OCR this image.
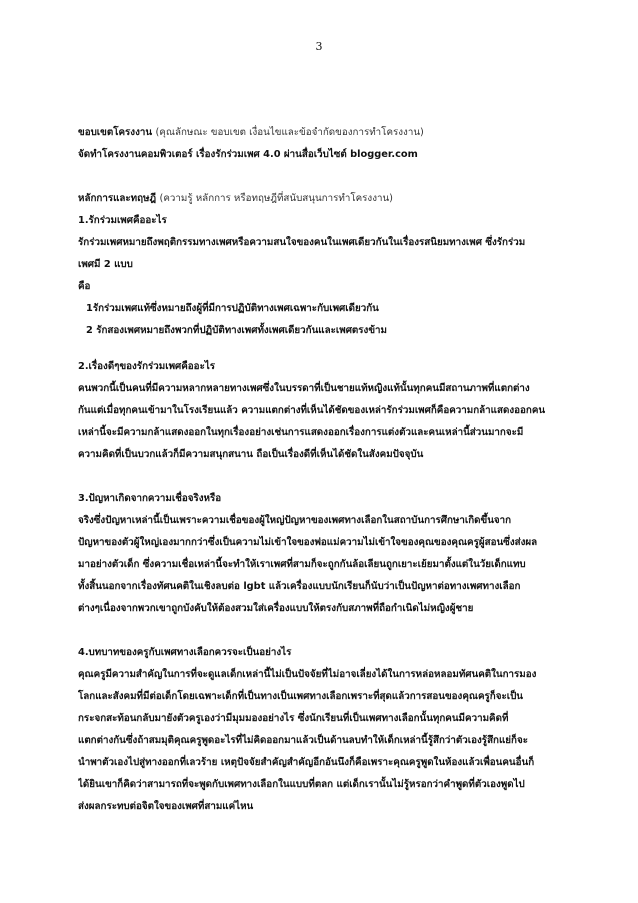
3
ขอบเขตโครงงาน (คุณลักษณะ ขอบเขต เงื่อนไขและข้อจำกัดของการทำโครงงาน)
จัดทำโครงงานคอมพิวเตอร์ เรื่องรักร่วมเพศ 4.0 ผ่านสื่อเว็บไซต์ blogger.com
หลักการและทฤษฎี (ความรู้ หลักการ หรือทฤษฎีที่สนับสนุนการทำโครงงาน)
1.รักร่วมเพศคืออะไร
รักร่วมเพศหมายถึงพฤติกรรมทางเพศหรือความสนใจของคนในเพศเดียวกันในเรื่องรสนิยมทางเพศ ซึ่งรักร่วม
เพศมี 2 แบบ
คือ
1รักร่วมเพศแท้ซึ่งหมายถึงผู้ที่มีการปฏิบัติทางเพศเฉพาะกับเพศเดียวกัน
2 รักสองเพศหมายถึงพวกที่ปฏิบัติทางเพศทั้งเพศเดียวกันและเพศตรงข้าม
2.เรื่องดีๆของรักร่วมเพศคืออะไร
คนพวกนี้เป็นคนที่มีความหลากหลายทางเพศซึ่งในบรรดาที่เป็นชายแท้หญิงแท้นั้นทุกคนมีสถานภาพที่แตกต่าง
กันแต่เมื่อทุกคนเข้ามาในโรงเรียนแล้ว ความแตกต่างที่เห็นได้ชัดของเหล่ารักร่วมเพศก็คือความกล้าแสดงออกคน
เหล่านี้จะมีความกล้าแสดงออกในทุกเรื่องอย่างเช่นการแสดงออกเรื่องการแต่งตัวและคนเหล่านี้ส่วนมากจะมี
ความคิดที่เป็นบวกแล้วก็มีความสนุกสนาน ถือเป็นเรื่องดีที่เห็นได้ชัดในสังคมปัจจุบัน
3.ปัญหาเกิดจากความเชื่อจริงหรือ
จริงซึ่งปัญหาเหล่านี้เป็นเพราะความเชื่อของผู้ใหญ่ปัญหาของเพศทางเลือกในสถาบันการศึกษาเกิดขึ้นจาก
ปัญหาของตัวผู้ใหญ่เองมากกว่าซึ่งเป็นความไม่เข้าใจของพ่อแม่ความไม่เข้าใจของคุณของคุณครูผู้สอนซึ่งส่งผล
มาอย่างตัวเด็ก ซึ่งความเชื่อเหล่านี้จะทำให้เราเพศที่สามก็จะถูกกันล้อเลียนถูกเยาะเย้ยมาตั้งแต่ในวัยเด็กแทบ
ทั้งสิ้นนอกจากเรื่องทัศนคติในเชิงลบต่อ lgbt แล้วเครื่องแบบนักเรียนก็นับว่าเป็นปัญหาต่อทางเพศทางเลือก
ต่างๆเนื่องจากพวกเขาถูกบังคับให้ต้องสวมใส่เครื่องแบบให้ตรงกับสภาพที่ถือกำเนิดไม่หญิงผู้ชาย
4.บทบาทของครูกับเพศทางเลือกควรจะเป็นอย่างไร
คุณครูมีความสำคัญในการที่จะดูแลเด็กเหล่านี้ไม่เป็นปัจจัยที่ไม่อาจเลี่ยงได้ในการหล่อหลอมทัศนคติในการมอง
โลกและสังคมที่มีต่อเด็กโดยเฉพาะเด็กที่เป็นทางเป็นเพศทางเลือกเพราะที่สุดแล้วการสอนของคุณครูก็จะเป็น
กระจกสะท้อนกลับมายังตัวครูเองว่ามีมุมมองอย่างไร ซึ่งนักเรียนที่เป็นเพศทางเลือกนั้นทุกคนมีความคิดที่
แตกต่างกันซึ่งถ้าสมมุติคุณครูพูดอะไรที่ไม่คิดออกมาแล้วเป็นด้านลบทำให้เด็กเหล่านี้รู้สึกว่าตัวเองรู้สึกแย่ก็จะ
นำพาตัวเองไปสู่ทางออกที่เลวร้าย เหตุปัจจัยสำคัญสำคัญอีกอันนึงก็คือเพราะคุณครูพูดในห้องแล้วเพื่อนคนอื่นก็
ได้ยินเขาก็คิดว่าสามารถที่จะพูดกับเพศทางเลือกในแบบที่ตลก แต่เด็กเรานั้นไม่รู้หรอกว่าคำพูดที่ตัวเองพูดไป
ส่งผลกระทบต่อจิตใจของเพศที่สามแค่ไหน
